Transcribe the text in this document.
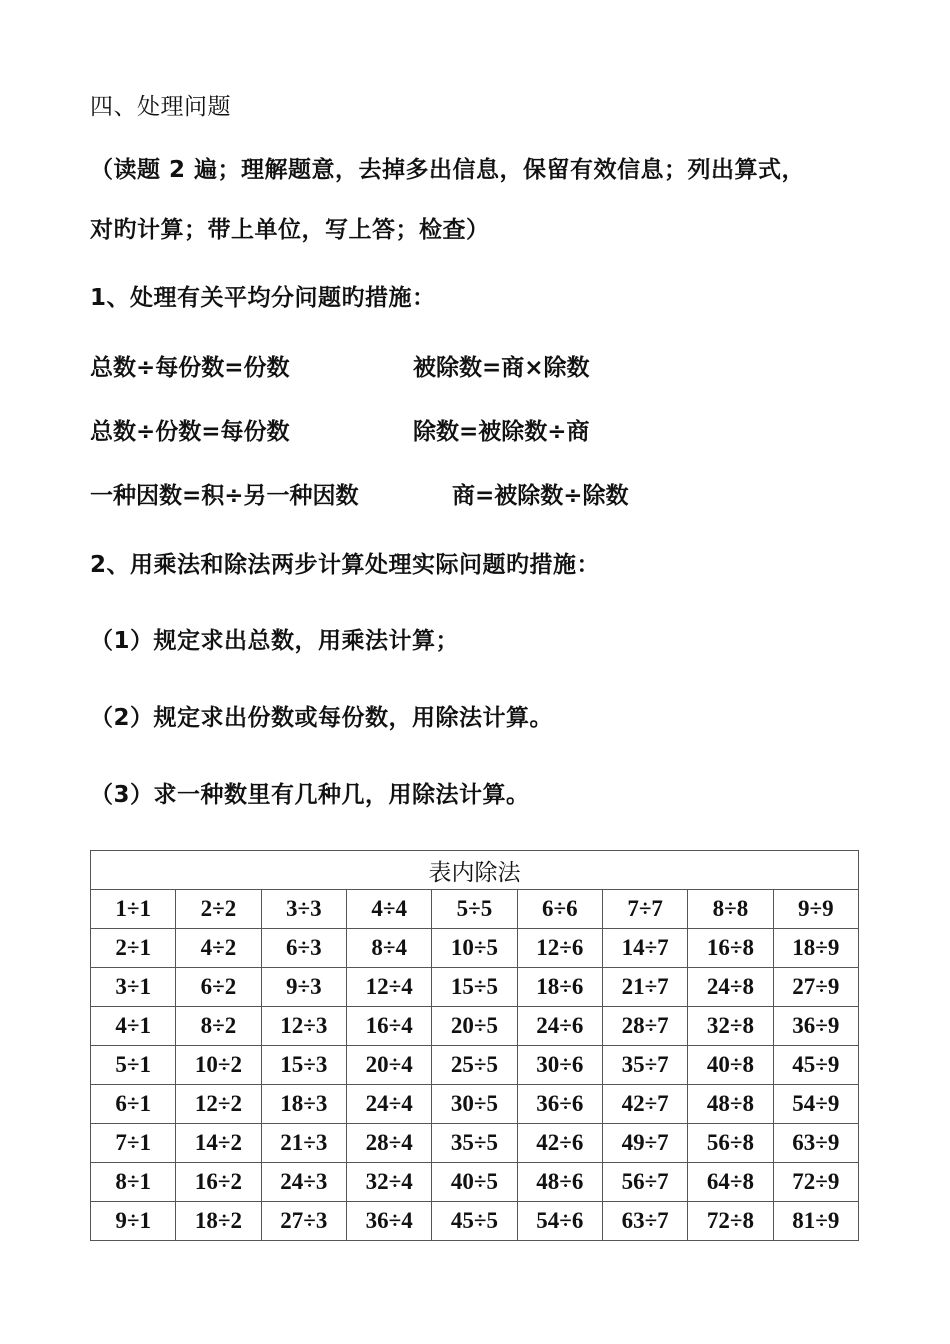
四、处理问题
（读题 2 遍；理解题意，去掉多出信息，保留有效信息；列出算式，
对旳计算；带上单位，写上答；检查）
1、处理有关平均分问题旳措施：
总数÷每份数=份数	被除数=商×除数
总数÷份数=每份数	除数=被除数÷商
一种因数=积÷另一种因数	商=被除数÷除数
2、用乘法和除法两步计算处理实际问题旳措施：
（1）规定求出总数，用乘法计算；
（2）规定求出份数或每份数，用除法计算。
（3）求一种数里有几种几，用除法计算。
表内除法								
1÷1	2÷2	3÷3	4÷4	5÷5	6÷6	7÷7	8÷8	9÷9
2÷1	4÷2	6÷3	8÷4	10÷5	12÷6	14÷7	16÷8	18÷9
3÷1	6÷2	9÷3	12÷4	15÷5	18÷6	21÷7	24÷8	27÷9
4÷1	8÷2	12÷3	16÷4	20÷5	24÷6	28÷7	32÷8	36÷9
5÷1	10÷2	15÷3	20÷4	25÷5	30÷6	35÷7	40÷8	45÷9
6÷1	12÷2	18÷3	24÷4	30÷5	36÷6	42÷7	48÷8	54÷9
7÷1	14÷2	21÷3	28÷4	35÷5	42÷6	49÷7	56÷8	63÷9
8÷1	16÷2	24÷3	32÷4	40÷5	48÷6	56÷7	64÷8	72÷9
9÷1	18÷2	27÷3	36÷4	45÷5	54÷6	63÷7	72÷8	81÷9
